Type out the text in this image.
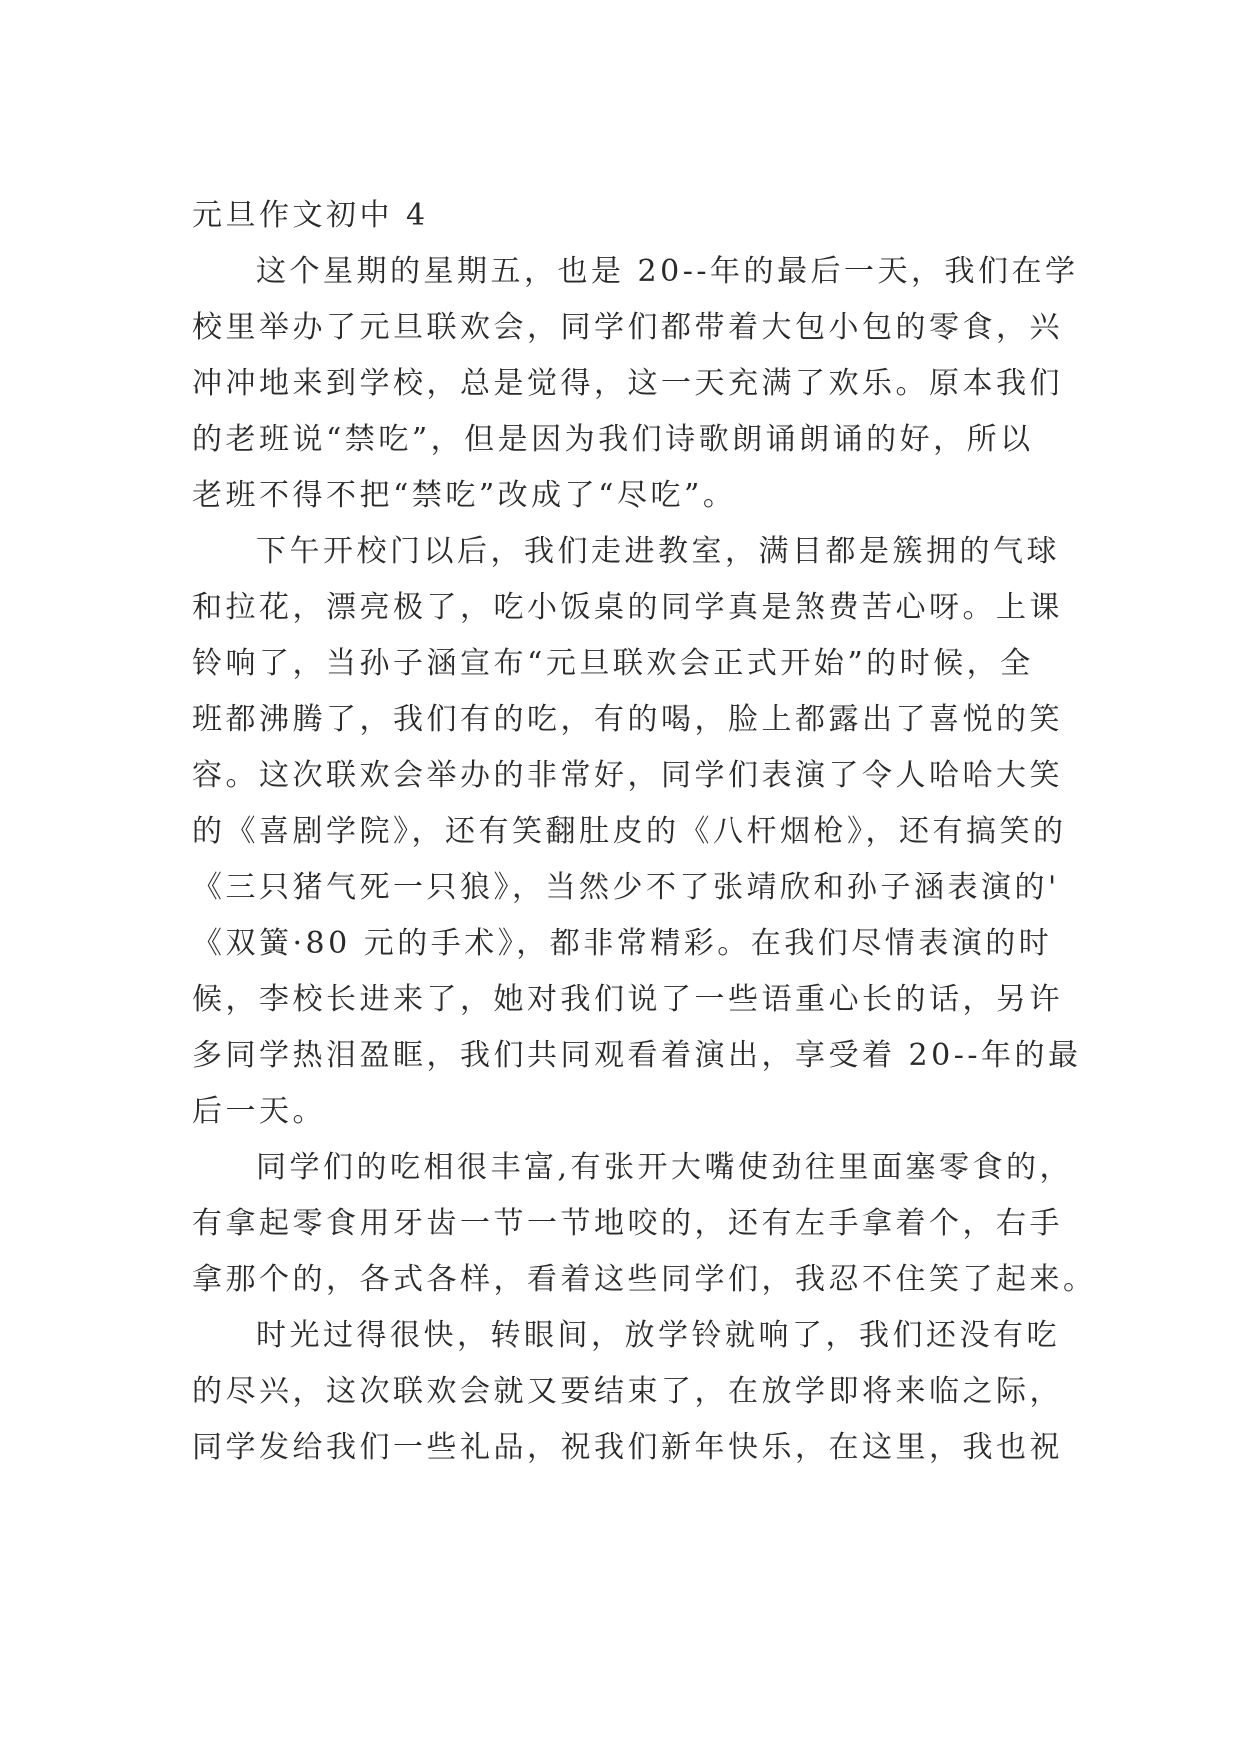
元旦作文初中 4
这个星期的星期五，也是 20--年的最后一天，我们在学
校里举办了元旦联欢会，同学们都带着大包小包的零食，兴
冲冲地来到学校，总是觉得，这一天充满了欢乐。原本我们
的老班说“禁吃”，但是因为我们诗歌朗诵朗诵的好，所以
老班不得不把“禁吃”改成了“尽吃”。
下午开校门以后，我们走进教室，满目都是簇拥的气球
和拉花，漂亮极了，吃小饭桌的同学真是煞费苦心呀。上课
铃响了，当孙子涵宣布“元旦联欢会正式开始”的时候，全
班都沸腾了，我们有的吃，有的喝，脸上都露出了喜悦的笑
容。这次联欢会举办的非常好，同学们表演了令人哈哈大笑
的《喜剧学院》，还有笑翻肚皮的《八杆烟枪》，还有搞笑的
《三只猪气死一只狼》，当然少不了张靖欣和孙子涵表演的'
《双簧·80 元的手术》，都非常精彩。在我们尽情表演的时
候，李校长进来了，她对我们说了一些语重心长的话，另许
多同学热泪盈眶，我们共同观看着演出，享受着 20--年的最
后一天。
同学们的吃相很丰富,有张开大嘴使劲往里面塞零食的，
有拿起零食用牙齿一节一节地咬的，还有左手拿着个，右手
拿那个的，各式各样，看着这些同学们，我忍不住笑了起来。
时光过得很快，转眼间，放学铃就响了，我们还没有吃
的尽兴，这次联欢会就又要结束了，在放学即将来临之际，
同学发给我们一些礼品，祝我们新年快乐，在这里，我也祝
